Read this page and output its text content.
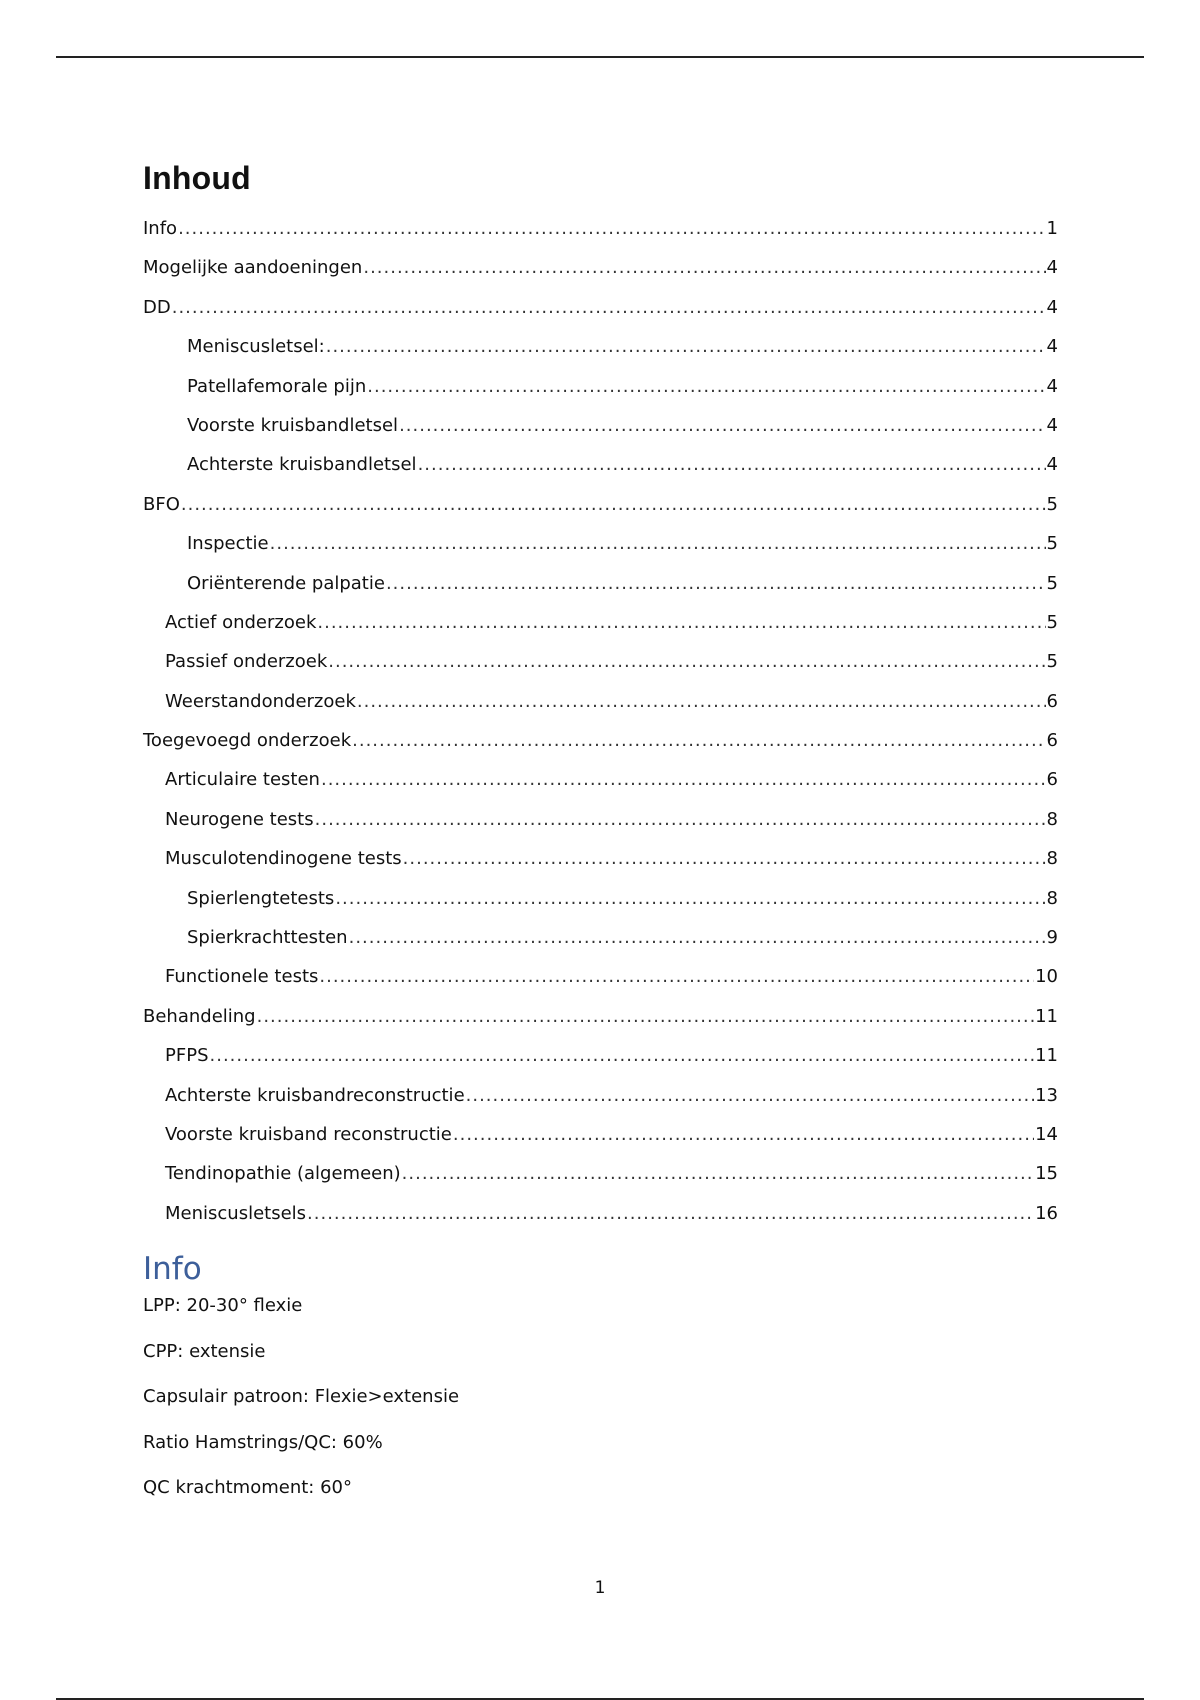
Inhoud
Info .....	1
Mogelijke aandoeningen .....	4
DD .....	4
Meniscusletsel: .....	4
Patellafemorale pijn .....	4
Voorste kruisbandletsel .....	4
Achterste kruisbandletsel .....	4
BFO .....	5
Inspectie .....	5
Oriënterende palpatie .....	5
Actief onderzoek .....	5
Passief onderzoek .....	5
Weerstandonderzoek .....	6
Toegevoegd onderzoek .....	6
Articulaire testen .....	6
Neurogene tests .....	8
Musculotendinogene tests .....	8
Spierlengtetests .....	8
Spierkrachttesten .....	9
Functionele tests .....	10
Behandeling .....	11
PFPS .....	11
Achterste kruisbandreconstructie .....	13
Voorste kruisband reconstructie .....	14
Tendinopathie (algemeen) .....	15
Meniscusletsels .....	16
Info

LPP: 20-30° flexie

CPP: extensie

Capsulair patroon: Flexie>extensie

Ratio Hamstrings/QC: 60%

QC krachtmoment: 60°

1
